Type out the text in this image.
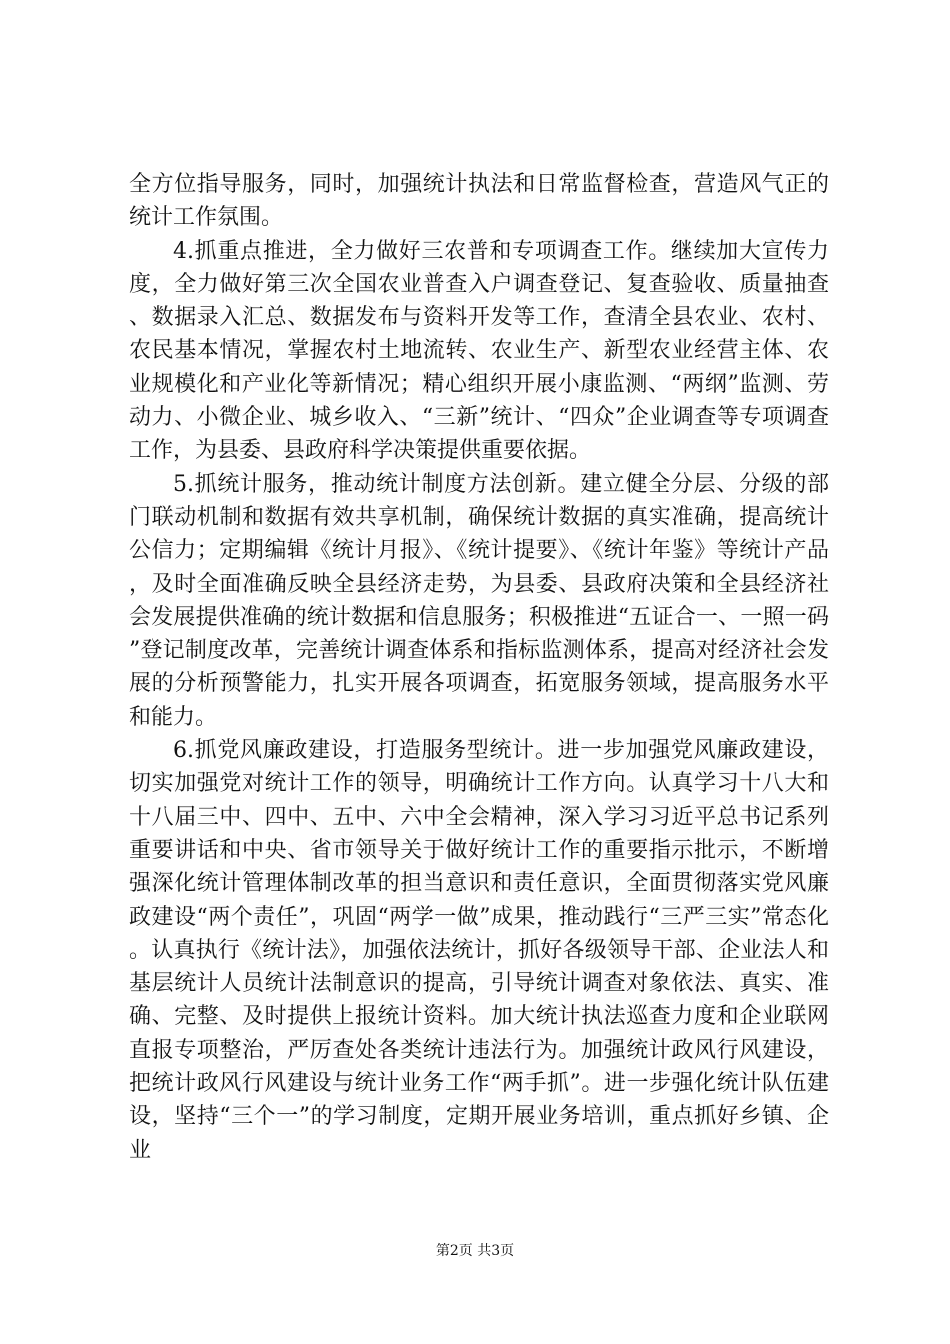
全方位指导服务，同时，加强统计执法和日常监督检查，营造风气正的统计工作氛围。

4.抓重点推进，全力做好三农普和专项调查工作。继续加大宣传力度，全力做好第三次全国农业普查入户调查登记、复查验收、质量抽查、数据录入汇总、数据发布与资料开发等工作，查清全县农业、农村、农民基本情况，掌握农村土地流转、农业生产、新型农业经营主体、农业规模化和产业化等新情况；精心组织开展小康监测、“两纲”监测、劳动力、小微企业、城乡收入、“三新”统计、“四众”企业调查等专项调查工作，为县委、县政府科学决策提供重要依据。

5.抓统计服务，推动统计制度方法创新。建立健全分层、分级的部门联动机制和数据有效共享机制，确保统计数据的真实准确，提高统计公信力；定期编辑《统计月报》、《统计提要》、《统计年鉴》等统计产品，及时全面准确反映全县经济走势，为县委、县政府决策和全县经济社会发展提供准确的统计数据和信息服务；积极推进“五证合一、一照一码”登记制度改革，完善统计调查体系和指标监测体系，提高对经济社会发展的分析预警能力，扎实开展各项调查，拓宽服务领域，提高服务水平和能力。

6.抓党风廉政建设，打造服务型统计。进一步加强党风廉政建设，切实加强党对统计工作的领导，明确统计工作方向。认真学习十八大和十八届三中、四中、五中、六中全会精神，深入学习习近平总书记系列重要讲话和中央、省市领导关于做好统计工作的重要指示批示，不断增强深化统计管理体制改革的担当意识和责任意识，全面贯彻落实党风廉政建设“两个责任”，巩固“两学一做”成果，推动践行“三严三实”常态化。认真执行《统计法》，加强依法统计，抓好各级领导干部、企业法人和基层统计人员统计法制意识的提高，引导统计调查对象依法、真实、准确、完整、及时提供上报统计资料。加大统计执法巡查力度和企业联网直报专项整治，严厉查处各类统计违法行为。加强统计政风行风建设，把统计政风行风建设与统计业务工作“两手抓”。进一步强化统计队伍建设，坚持“三个一”的学习制度，定期开展业务培训，重点抓好乡镇、企业

第2页 共3页
